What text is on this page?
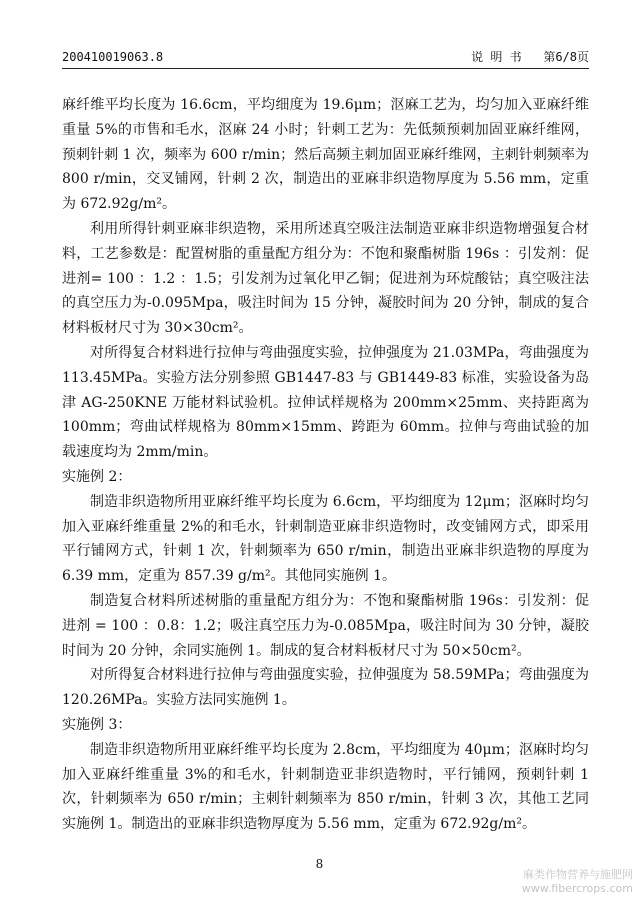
200410019063.8	说 明 书 第6/8页

麻纤维平均长度为 16.6cm，平均细度为 19.6μm；沤麻工艺为，均匀加入亚麻纤维重量 5%的市售和毛水，沤麻 24 小时；针刺工艺为：先低频预刺加固亚麻纤维网，预刺针刺 1 次，频率为 600 r/min；然后高频主刺加固亚麻纤维网，主刺针刺频率为 800 r/min，交叉铺网，针刺 2 次，制造出的亚麻非织造物厚度为 5.56 mm，定重为 672.92g/m²。

利用所得针刺亚麻非织造物，采用所述真空吸注法制造亚麻非织造物增强复合材料，工艺参数是：配置树脂的重量配方组分为：不饱和聚酯树脂 196s ：引发剂：促进剂= 100 ：1.2 ：1.5；引发剂为过氧化甲乙铜；促进剂为环烷酸钴；真空吸注法的真空压力为-0.095Mpa，吸注时间为 15 分钟，凝胶时间为 20 分钟，制成的复合材料板材尺寸为 30×30cm²。

对所得复合材料进行拉伸与弯曲强度实验，拉伸强度为 21.03MPa，弯曲强度为 113.45MPa。实验方法分别参照 GB1447-83 与 GB1449-83 标准，实验设备为岛津 AG-250KNE 万能材料试验机。拉伸试样规格为 200mm×25mm、夹持距离为 100mm；弯曲试样规格为 80mm×15mm、跨距为 60mm。拉伸与弯曲试验的加载速度均为 2mm/min。

实施例 2：

制造非织造物所用亚麻纤维平均长度为 6.6cm，平均细度为 12μm；沤麻时均匀加入亚麻纤维重量 2%的和毛水，针刺制造亚麻非织造物时，改变铺网方式，即采用平行铺网方式，针刺 1 次，针刺频率为 650 r/min，制造出亚麻非织造物的厚度为 6.39 mm，定重为 857.39 g/m²。其他同实施例 1。

制造复合材料所述树脂的重量配方组分为：不饱和聚酯树脂 196s：引发剂：促进剂 = 100 ：0.8：1.2；吸注真空压力为-0.085Mpa，吸注时间为 30 分钟，凝胶时间为 20 分钟，余同实施例 1。制成的复合材料板材尺寸为 50×50cm²。

对所得复合材料进行拉伸与弯曲强度实验，拉伸强度为 58.59MPa；弯曲强度为 120.26MPa。实验方法同实施例 1。

实施例 3：

制造非织造物所用亚麻纤维平均长度为 2.8cm，平均细度为 40μm；沤麻时均匀加入亚麻纤维重量 3%的和毛水，针刺制造亚非织造物时，平行铺网，预刺针刺 1 次，针刺频率为 650 r/min；主刺针刺频率为 850 r/min，针刺 3 次，其他工艺同实施例 1。制造出的亚麻非织造物厚度为 5.56 mm，定重为 672.92g/m²。

8
麻类作物营养与施肥网
www.fibercrops.com
